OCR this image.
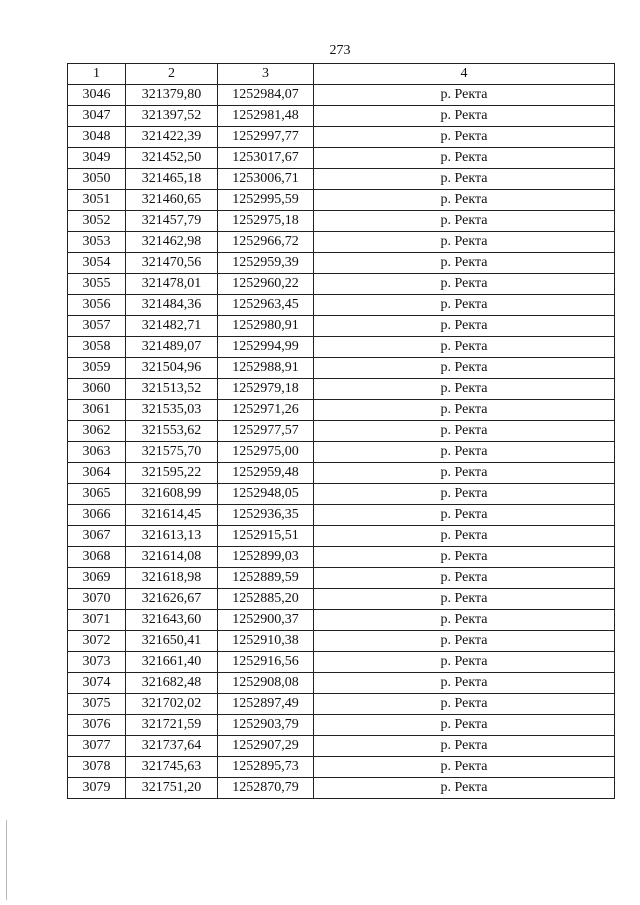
273
1	2	3	4
3046	321379,80	1252984,07	р. Ректа
3047	321397,52	1252981,48	р. Ректа
3048	321422,39	1252997,77	р. Ректа
3049	321452,50	1253017,67	р. Ректа
3050	321465,18	1253006,71	р. Ректа
3051	321460,65	1252995,59	р. Ректа
3052	321457,79	1252975,18	р. Ректа
3053	321462,98	1252966,72	р. Ректа
3054	321470,56	1252959,39	р. Ректа
3055	321478,01	1252960,22	р. Ректа
3056	321484,36	1252963,45	р. Ректа
3057	321482,71	1252980,91	р. Ректа
3058	321489,07	1252994,99	р. Ректа
3059	321504,96	1252988,91	р. Ректа
3060	321513,52	1252979,18	р. Ректа
3061	321535,03	1252971,26	р. Ректа
3062	321553,62	1252977,57	р. Ректа
3063	321575,70	1252975,00	р. Ректа
3064	321595,22	1252959,48	р. Ректа
3065	321608,99	1252948,05	р. Ректа
3066	321614,45	1252936,35	р. Ректа
3067	321613,13	1252915,51	р. Ректа
3068	321614,08	1252899,03	р. Ректа
3069	321618,98	1252889,59	р. Ректа
3070	321626,67	1252885,20	р. Ректа
3071	321643,60	1252900,37	р. Ректа
3072	321650,41	1252910,38	р. Ректа
3073	321661,40	1252916,56	р. Ректа
3074	321682,48	1252908,08	р. Ректа
3075	321702,02	1252897,49	р. Ректа
3076	321721,59	1252903,79	р. Ректа
3077	321737,64	1252907,29	р. Ректа
3078	321745,63	1252895,73	р. Ректа
3079	321751,20	1252870,79	р. Ректа
